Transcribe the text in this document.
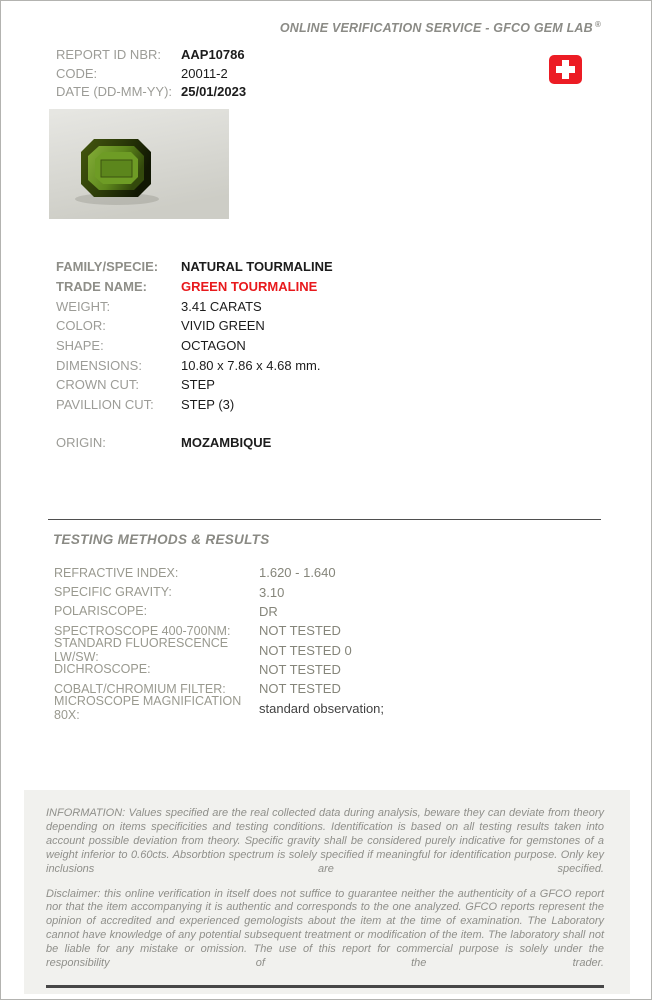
ONLINE VERIFICATION SERVICE - GFCO GEM LAB ®
REPORT ID NBR:	AAP10786
CODE:	20011-2
DATE (DD-MM-YY): 25/01/2023
FAMILY/SPECIE:	NATURAL TOURMALINE
TRADE NAME:	GREEN TOURMALINE
WEIGHT:	3.41 CARATS
COLOR:	VIVID GREEN
SHAPE:	OCTAGON
DIMENSIONS:	10.80 x 7.86 x 4.68 mm.
CROWN CUT:	STEP
PAVILLION CUT:	STEP (3)
ORIGIN:	MOZAMBIQUE
TESTING METHODS & RESULTS
REFRACTIVE INDEX:	1.620 - 1.640
SPECIFIC GRAVITY:	3.10
POLARISCOPE:	DR
SPECTROSCOPE 400-700NM:	NOT TESTED
STANDARD FLUORESCENCE LW/SW:	NOT TESTED 0
DICHROSCOPE:	NOT TESTED
COBALT/CHROMIUM FILTER:	NOT TESTED
MICROSCOPE MAGNIFICATION 80X:	standard observation;

INFORMATION: Values specified are the real collected data during analysis, beware they can deviate from theory depending on items specificities and testing conditions. Identification is based on all testing results taken into account possible deviation from theory. Specific gravity shall be considered purely indicative for gemstones of a weight inferior to 0.60cts. Absorbtion spectrum is solely specified if meaningful for identification purpose. Only key inclusions are specified.

Disclaimer: this online verification in itself does not suffice to guarantee neither the authenticity of a GFCO report nor that the item accompanying it is authentic and corresponds to the one analyzed. GFCO reports represent the opinion of accredited and experienced gemologists about the item at the time of examination. The Laboratory cannot have knowledge of any potential subsequent treatment or modification of the item. The laboratory shall not be liable for any mistake or omission. The use of this report for commercial purpose is solely under the responsibility of the trader.
